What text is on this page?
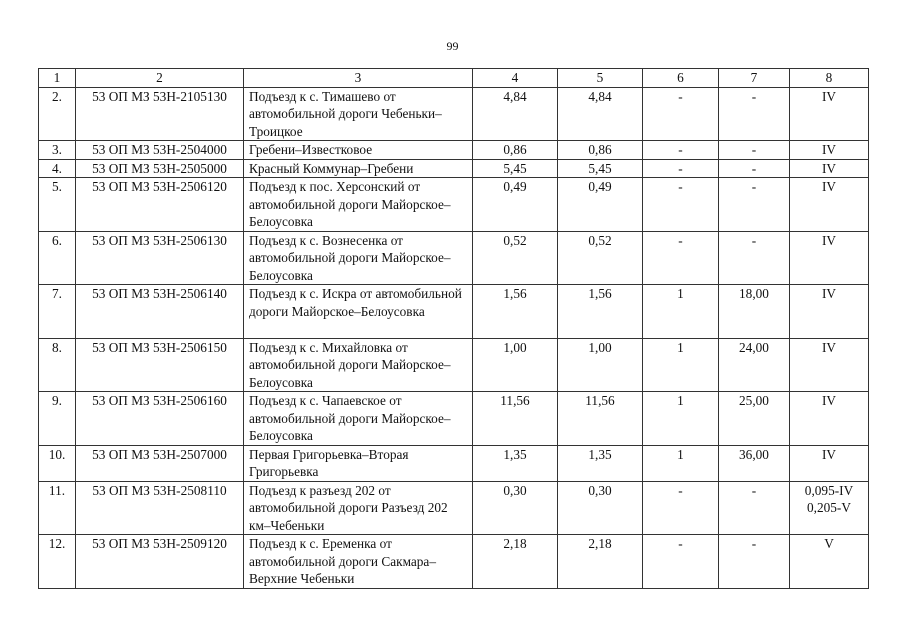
99
1	2	3	4	5	6	7	8
2.	53 ОП МЗ 53Н-2105130	Подъезд к с. Тимашево от автомобильной дороги Чебеньки–Троицкое	4,84	4,84	-	-	IV
3.	53 ОП МЗ 53Н-2504000	Гребени–Известковое	0,86	0,86	-	-	IV
4.	53 ОП МЗ 53Н-2505000	Красный Коммунар–Гребени	5,45	5,45	-	-	IV
5.	53 ОП МЗ 53Н-2506120	Подъезд к пос. Херсонский от автомобильной дороги Майорское–Белоусовка	0,49	0,49	-	-	IV
6.	53 ОП МЗ 53Н-2506130	Подъезд к с. Вознесенка от автомобильной дороги Майорское–Белоусовка	0,52	0,52	-	-	IV
7.	53 ОП МЗ 53Н-2506140	Подъезд к с. Искра от автомобильной дороги Майорское–Белоусовка	1,56	1,56	1	18,00	IV
8.	53 ОП МЗ 53Н-2506150	Подъезд к с. Михайловка от автомобильной дороги Майорское–Белоусовка	1,00	1,00	1	24,00	IV
9.	53 ОП МЗ 53Н-2506160	Подъезд к с. Чапаевское от автомобильной дороги Майорское–Белоусовка	11,56	11,56	1	25,00	IV
10.	53 ОП МЗ 53Н-2507000	Первая Григорьевка–Вторая Григорьевка	1,35	1,35	1	36,00	IV
11.	53 ОП МЗ 53Н-2508110	Подъезд к разъезд 202 от автомобильной дороги Разъезд 202 км–Чебеньки	0,30	0,30	-	-	0,095-IV
0,205-V
12.	53 ОП МЗ 53Н-2509120	Подъезд к с. Еременка от автомобильной дороги Сакмара–Верхние Чебеньки	2,18	2,18	-	-	V
